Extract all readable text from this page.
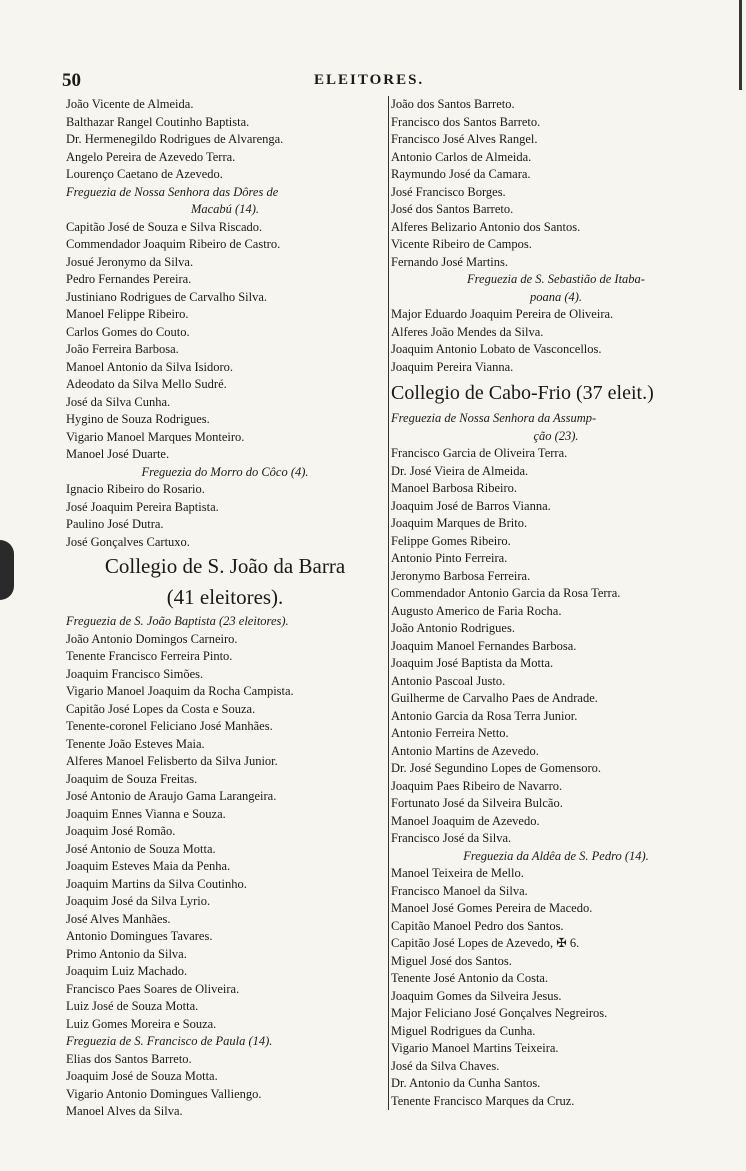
50	ELEITORES.
João Vicente de Almeida.
Balthazar Rangel Coutinho Baptista.
Dr. Hermenegildo Rodrigues de Alvarenga.
Angelo Pereira de Azevedo Terra.
Lourenço Caetano de Azevedo.
Freguezia de Nossa Senhora das Dôres de
Macabú (14).
Capitão José de Souza e Silva Riscado.
Commendador Joaquim Ribeiro de Castro.
Josué Jeronymo da Silva.
Pedro Fernandes Pereira.
Justiniano Rodrigues de Carvalho Silva.
Manoel Felippe Ribeiro.
Carlos Gomes do Couto.
João Ferreira Barbosa.
Manoel Antonio da Silva Isidoro.
Adeodato da Silva Mello Sudré.
José da Silva Cunha.
Hygino de Souza Rodrigues.
Vigario Manoel Marques Monteiro.
Manoel José Duarte.
Freguezia do Morro do Côco (4).
Ignacio Ribeiro do Rosario.
José Joaquim Pereira Baptista.
Paulino José Dutra.
José Gonçalves Cartuxo.
Collegio de S. João da Barra
(41 eleitores).
Freguezia de S. João Baptista (23 eleitores).
João Antonio Domingos Carneiro.
Tenente Francisco Ferreira Pinto.
Joaquim Francisco Simões.
Vigario Manoel Joaquim da Rocha Campista.
Capitão José Lopes da Costa e Souza.
Tenente-coronel Feliciano José Manhães.
Tenente João Esteves Maia.
Alferes Manoel Felisberto da Silva Junior.
Joaquim de Souza Freitas.
José Antonio de Araujo Gama Larangeira.
Joaquim Ennes Vianna e Souza.
Joaquim José Romão.
José Antonio de Souza Motta.
Joaquim Esteves Maia da Penha.
Joaquim Martins da Silva Coutinho.
Joaquim José da Silva Lyrio.
José Alves Manhães.
Antonio Domingues Tavares.
Primo Antonio da Silva.
Joaquim Luiz Machado.
Francisco Paes Soares de Oliveira.
Luiz José de Souza Motta.
Luiz Gomes Moreira e Souza.
Freguezia de S. Francisco de Paula (14).
Elias dos Santos Barreto.
Joaquim José de Souza Motta.
Vigario Antonio Domingues Valliengo.
Manoel Alves da Silva.
João dos Santos Barreto.
Francisco dos Santos Barreto.
Francisco José Alves Rangel.
Antonio Carlos de Almeida.
Raymundo José da Camara.
José Francisco Borges.
José dos Santos Barreto.
Alferes Belizario Antonio dos Santos.
Vicente Ribeiro de Campos.
Fernando José Martins.
Freguezia de S. Sebastião de Itaba-
poana (4).
Major Eduardo Joaquim Pereira de Oliveira.
Alferes João Mendes da Silva.
Joaquim Antonio Lobato de Vasconcellos.
Joaquim Pereira Vianna.
Collegio de Cabo-Frio (37 eleit.)
Freguezia de Nossa Senhora da Assump-
ção (23).
Francisco Garcia de Oliveira Terra.
Dr. José Vieira de Almeida.
Manoel Barbosa Ribeiro.
Joaquim José de Barros Vianna.
Joaquim Marques de Brito.
Felippe Gomes Ribeiro.
Antonio Pinto Ferreira.
Jeronymo Barbosa Ferreira.
Commendador Antonio Garcia da Rosa Terra.
Augusto Americo de Faria Rocha.
João Antonio Rodrigues.
Joaquim Manoel Fernandes Barbosa.
Joaquim José Baptista da Motta.
Antonio Pascoal Justo.
Guilherme de Carvalho Paes de Andrade.
Antonio Garcia da Rosa Terra Junior.
Antonio Ferreira Netto.
Antonio Martins de Azevedo.
Dr. José Segundino Lopes de Gomensoro.
Joaquim Paes Ribeiro de Navarro.
Fortunato José da Silveira Bulcão.
Manoel Joaquim de Azevedo.
Francisco José da Silva.
Freguezia da Aldêa de S. Pedro (14).
Manoel Teixeira de Mello.
Francisco Manoel da Silva.
Manoel José Gomes Pereira de Macedo.
Capitão Manoel Pedro dos Santos.
Capitão José Lopes de Azevedo, ✠ 6.
Miguel José dos Santos.
Tenente José Antonio da Costa.
Joaquim Gomes da Silveira Jesus.
Major Feliciano José Gonçalves Negreiros.
Miguel Rodrigues da Cunha.
Vigario Manoel Martins Teixeira.
José da Silva Chaves.
Dr. Antonio da Cunha Santos.
Tenente Francisco Marques da Cruz.
